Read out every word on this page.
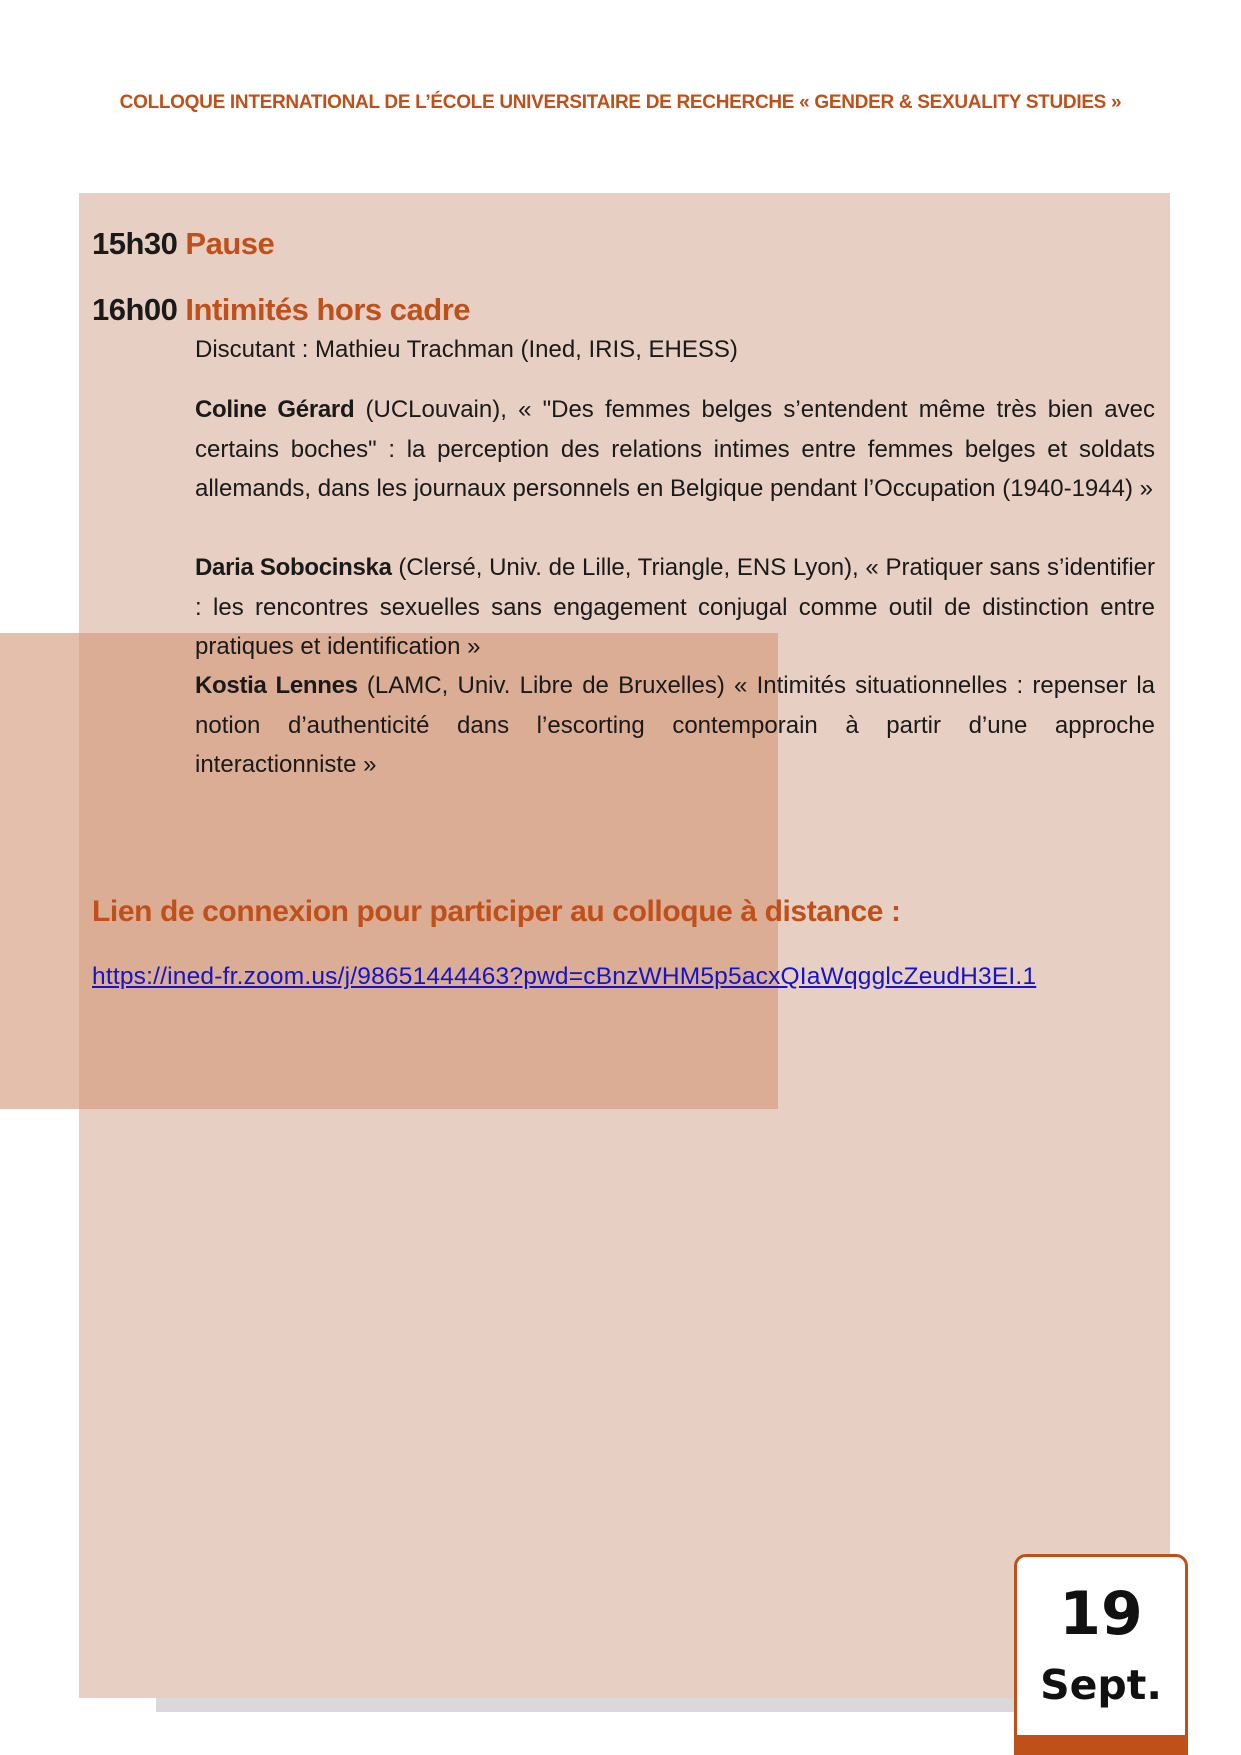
COLLOQUE INTERNATIONAL DE L’ÉCOLE UNIVERSITAIRE DE RECHERCHE « GENDER & SEXUALITY STUDIES »
15h30 Pause
16h00 Intimités hors cadre
Discutant : Mathieu Trachman (Ined, IRIS, EHESS)
Coline Gérard (UCLouvain), « "Des femmes belges s’entendent même très bien avec certains boches" : la perception des relations intimes entre femmes belges et soldats allemands, dans les journaux personnels en Belgique pendant l’Occupation (1940-1944) »
Daria Sobocinska (Clersé, Univ. de Lille, Triangle, ENS Lyon), « Pratiquer sans s’identifier : les rencontres sexuelles sans engagement conjugal comme outil de distinction entre pratiques et identification »
Kostia Lennes (LAMC, Univ. Libre de Bruxelles) « Intimités situationnelles : repenser la notion d’authenticité dans l’escorting contemporain à partir d’une approche interactionniste »
Lien de connexion pour participer au colloque à distance :
https://ined-fr.zoom.us/j/98651444463?pwd=cBnzWHM5p5acxQIaWqgglcZeudH3EI.1
19
Sept.
